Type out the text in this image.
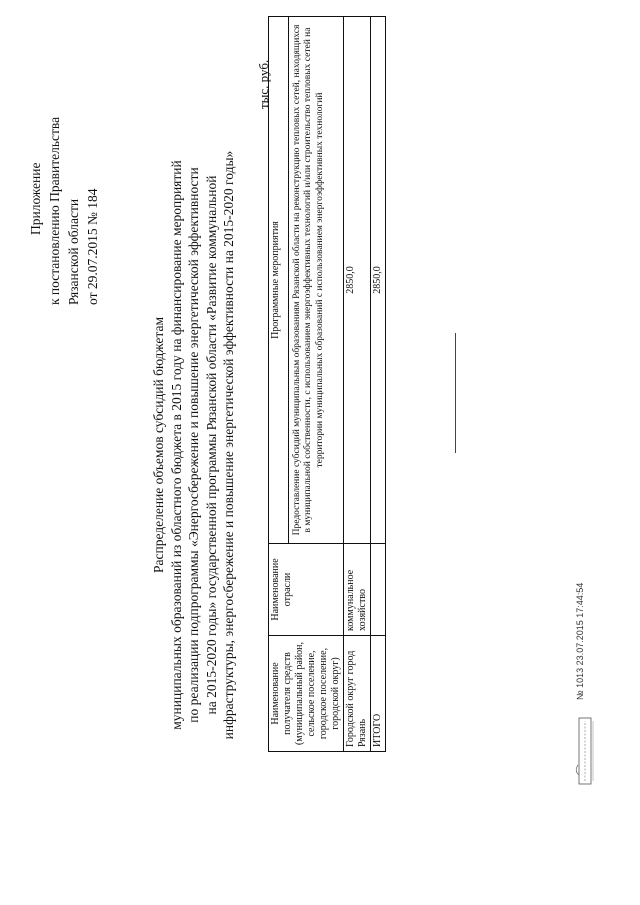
Приложение к постановлению Правительства Рязанской области от 29.07.2015 № 184
Распределение объемов субсидий бюджетам муниципальных образований из областного бюджета в 2015 году на финансирование мероприятий по реализации подпрограммы «Энергосбережение и повышение энергетической эффективности на 2015-2020 годы» государственной программы Рязанской области «Развитие коммунальной инфраструктуры, энергосбережение и повышение энергетической эффективности на 2015-2020 годы»
тыс. руб.
Наименование получателя средств (муниципальный район, сельское поселение, городское поселение, городской округ)	Наименование отрасли	Программные мероприятия
		Предоставление субсидий муниципальным образованиям Рязанской области на реконструкцию тепловых сетей, находящихся в муниципальной собственности, с использованием энергоэффективных технологий и/или строительство тепловых сетей на территории муниципальных образований с использованием энергоэффективных технологий
Городской округ город Рязань	коммунальное хозяйство	2850,0
ИТОГО		2850,0
№ 1013 23.07.2015 17:44:54
